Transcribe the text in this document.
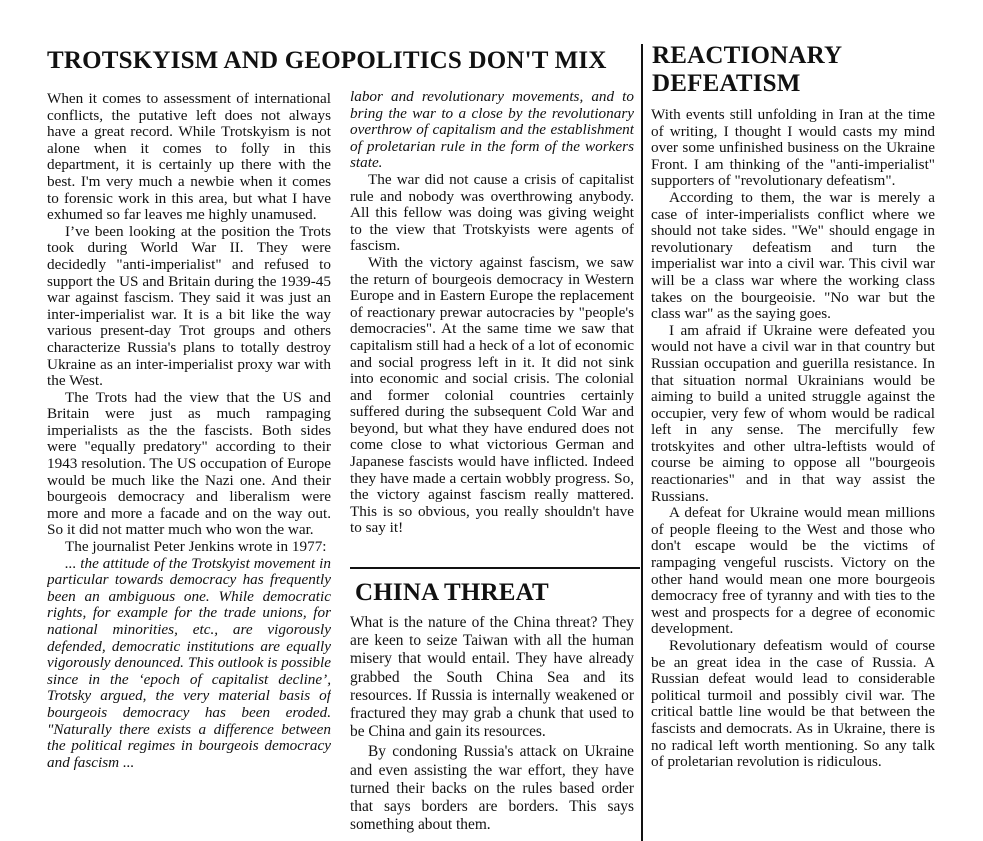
TROTSKYISM AND GEOPOLITICS DON'T MIX

When it comes to assessment of international conflicts, the putative left does not always have a great record. While Trotskyism is not alone when it comes to folly in this department, it is certainly up there with the best. I'm very much a newbie when it comes to forensic work in this area, but what I have exhumed so far leaves me highly unamused.

I’ve been looking at the position the Trots took during World War II. They were decidedly "anti-imperialist" and refused to support the US and Britain during the 1939-45 war against fascism. They said it was just an inter-imperialist war. It is a bit like the way various present-day Trot groups and others characterize Russia's plans to totally destroy Ukraine as an inter-imperialist proxy war with the West.

The Trots had the view that the US and Britain were just as much rampaging imperialists as the the fascists. Both sides were "equally predatory" according to their 1943 resolution. The US occupation of Europe would be much like the Nazi one. And their bourgeois democracy and liberalism were more and more a facade and on the way out. So it did not matter much who won the war.

The journalist Peter Jenkins wrote in 1977:

... the attitude of the Trotskyist movement in particular towards democracy has frequently been an ambiguous one. While democratic rights, for example for the trade unions, for national minorities, etc., are vigorously defended, democratic institutions are equally vigorously denounced. This outlook is possible since in the ‘epoch of capitalist decline’, Trotsky argued, the very material basis of bourgeois democracy has been eroded. "Naturally there exists a difference between the political regimes in bourgeois democracy and fascism ...

labor and revolutionary movements, and to bring the war to a close by the revolutionary overthrow of capitalism and the establishment of proletarian rule in the form of the workers state.

The war did not cause a crisis of capitalist rule and nobody was overthrowing anybody. All this fellow was doing was giving weight to the view that Trotskyists were agents of fascism.

With the victory against fascism, we saw the return of bourgeois democracy in Western Europe and in Eastern Europe the replacement of reactionary prewar autocracies by "people's democracies". At the same time we saw that capitalism still had a heck of a lot of economic and social progress left in it. It did not sink into economic and social crisis. The colonial and former colonial countries certainly suffered during the subsequent Cold War and beyond, but what they have endured does not come close to what victorious German and Japanese fascists would have inflicted. Indeed they have made a certain wobbly progress. So, the victory against fascism really mattered. This is so obvious, you really shouldn't have to say it!

CHINA THREAT

What is the nature of the China threat? They are keen to seize Taiwan with all the human misery that would entail. They have already grabbed the South China Sea and its resources. If Russia is internally weakened or fractured they may grab a chunk that used to be China and gain its resources.

By condoning Russia's attack on Ukraine and even assisting the war effort, they have turned their backs on the rules based order that says borders are borders. This says something about them.

REACTIONARY DEFEATISM

With events still unfolding in Iran at the time of writing, I thought I would casts my mind over some unfinished business on the Ukraine Front. I am thinking of the "anti-imperialist" supporters of "revolutionary defeatism".

According to them, the war is merely a case of inter-imperialists conflict where we should not take sides. "We" should engage in revolutionary defeatism and turn the imperialist war into a civil war. This civil war will be a class war where the working class takes on the bourgeoisie. "No war but the class war" as the saying goes.

I am afraid if Ukraine were defeated you would not have a civil war in that country but Russian occupation and guerilla resistance. In that situation normal Ukrainians would be aiming to build a united struggle against the occupier, very few of whom would be radical left in any sense. The mercifully few trotskyites and other ultra-leftists would of course be aiming to oppose all "bourgeois reactionaries" and in that way assist the Russians.

A defeat for Ukraine would mean millions of people fleeing to the West and those who don't escape would be the victims of rampaging vengeful ruscists. Victory on the other hand would mean one more bourgeois democracy free of tyranny and with ties to the west and prospects for a degree of economic development.

Revolutionary defeatism would of course be an great idea in the case of Russia. A Russian defeat would lead to considerable political turmoil and possibly civil war. The critical battle line would be that between the fascists and democrats. As in Ukraine, there is no radical left worth mentioning. So any talk of proletarian revolution is ridiculous.
